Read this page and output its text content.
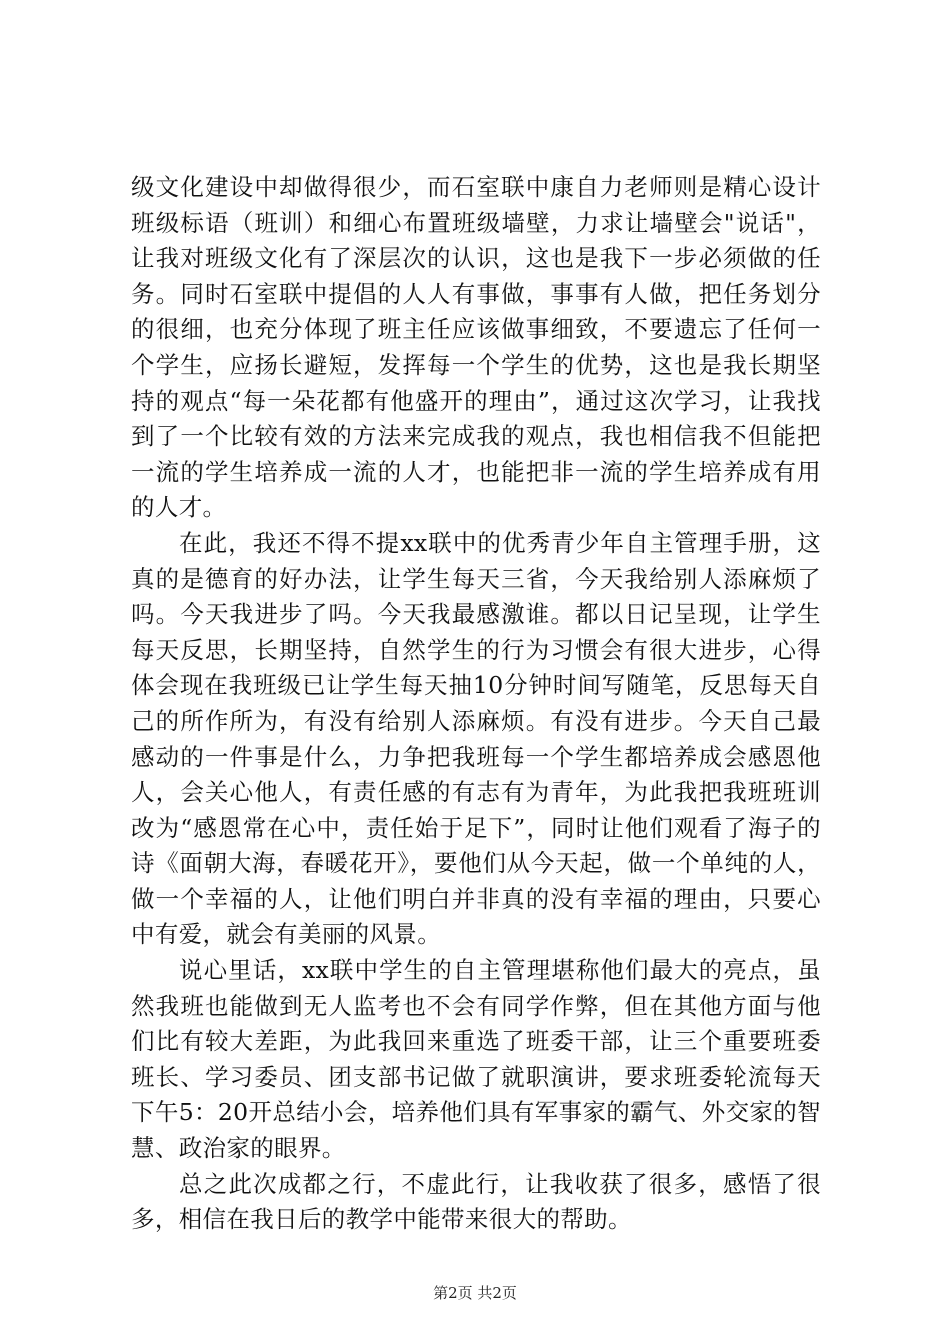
级文化建设中却做得很少，而石室联中康自力老师则是精心设计班级标语（班训）和细心布置班级墙壁，力求让墙壁会"说话"，让我对班级文化有了深层次的认识，这也是我下一步必须做的任务。同时石室联中提倡的人人有事做，事事有人做，把任务划分的很细，也充分体现了班主任应该做事细致，不要遗忘了任何一个学生，应扬长避短，发挥每一个学生的优势，这也是我长期坚持的观点“每一朵花都有他盛开的理由”，通过这次学习，让我找到了一个比较有效的方法来完成我的观点，我也相信我不但能把一流的学生培养成一流的人才，也能把非一流的学生培养成有用的人才。

在此，我还不得不提xx联中的优秀青少年自主管理手册，这真的是德育的好办法，让学生每天三省，今天我给别人添麻烦了吗。今天我进步了吗。今天我最感激谁。都以日记呈现，让学生每天反思，长期坚持，自然学生的行为习惯会有很大进步，心得体会现在我班级已让学生每天抽10分钟时间写随笔，反思每天自己的所作所为，有没有给别人添麻烦。有没有进步。今天自己最感动的一件事是什么，力争把我班每一个学生都培养成会感恩他人，会关心他人，有责任感的有志有为青年，为此我把我班班训改为“感恩常在心中，责任始于足下”，同时让他们观看了海子的诗《面朝大海，春暖花开》，要他们从今天起，做一个单纯的人，做一个幸福的人，让他们明白并非真的没有幸福的理由，只要心中有爱，就会有美丽的风景。

说心里话，xx联中学生的自主管理堪称他们最大的亮点，虽然我班也能做到无人监考也不会有同学作弊，但在其他方面与他们比有较大差距，为此我回来重选了班委干部，让三个重要班委班长、学习委员、团支部书记做了就职演讲，要求班委轮流每天下午5：20开总结小会，培养他们具有军事家的霸气、外交家的智慧、政治家的眼界。

总之此次成都之行，不虚此行，让我收获了很多，感悟了很多，相信在我日后的教学中能带来很大的帮助。

第2页 共2页
